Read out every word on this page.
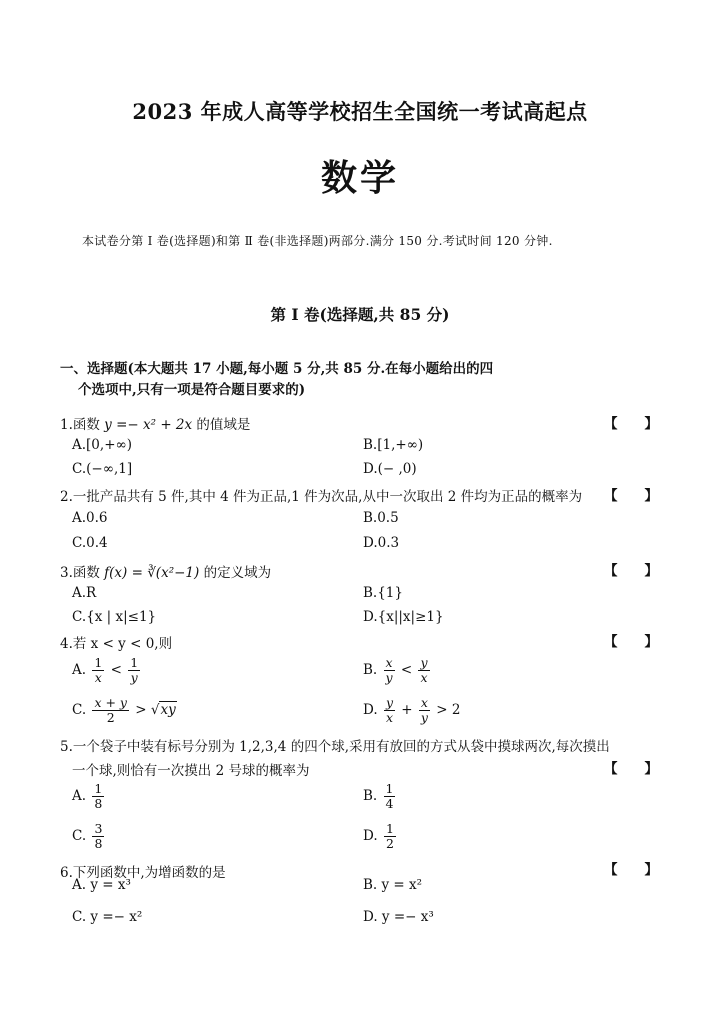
2023 年成人高等学校招生全国统一考试高起点
数学
本试卷分第 Ⅰ 卷(选择题)和第 Ⅱ 卷(非选择题)两部分.满分 150 分.考试时间 120 分钟.
第 Ⅰ 卷(选择题,共 85 分)
一、选择题(本大题共 17 小题,每小题 5 分,共 85 分.在每小题给出的四
个选项中,只有一项是符合题目要求的)
1.函数 y =− x² + 2x 的值域是	【 】
A.[0,+∞)	B.[1,+∞)
C.(−∞,1]	D.(− ,0)
2.一批产品共有 5 件,其中 4 件为正品,1 件为次品,从中一次取出 2 件均为正品的概率为 【 】
A.0.6	B.0.5
C.0.4	D.0.3
3.函数 f(x) = ∛(x²−1) 的定义域为	【 】
A.R	B.{1}
C.{x | x|≤1}	D.{x||x|≥1}
4.若 x < y < 0,则	【 】
A. $\frac{1}{x} < \frac{1}{y}$	B. $\frac{x}{y} < \frac{y}{x}$
C. $\frac{x + y}{2} > √xy$	D. $\frac{y}{x} + \frac{x}{y} > 2$
5.一个袋子中装有标号分别为 1,2,3,4 的四个球,采用有放回的方式从袋中摸球两次,每次摸出
一个球,则恰有一次摸出 2 号球的概率为	【 】
A. $\frac{1}{8}$	B. $\frac{1}{4}$
C. $\frac{3}{8}$	D. $\frac{1}{2}$
6.下列函数中,为增函数的是	【 】
A. y = x³	B. y = x²
C. y =− x²	D. y =− x³
